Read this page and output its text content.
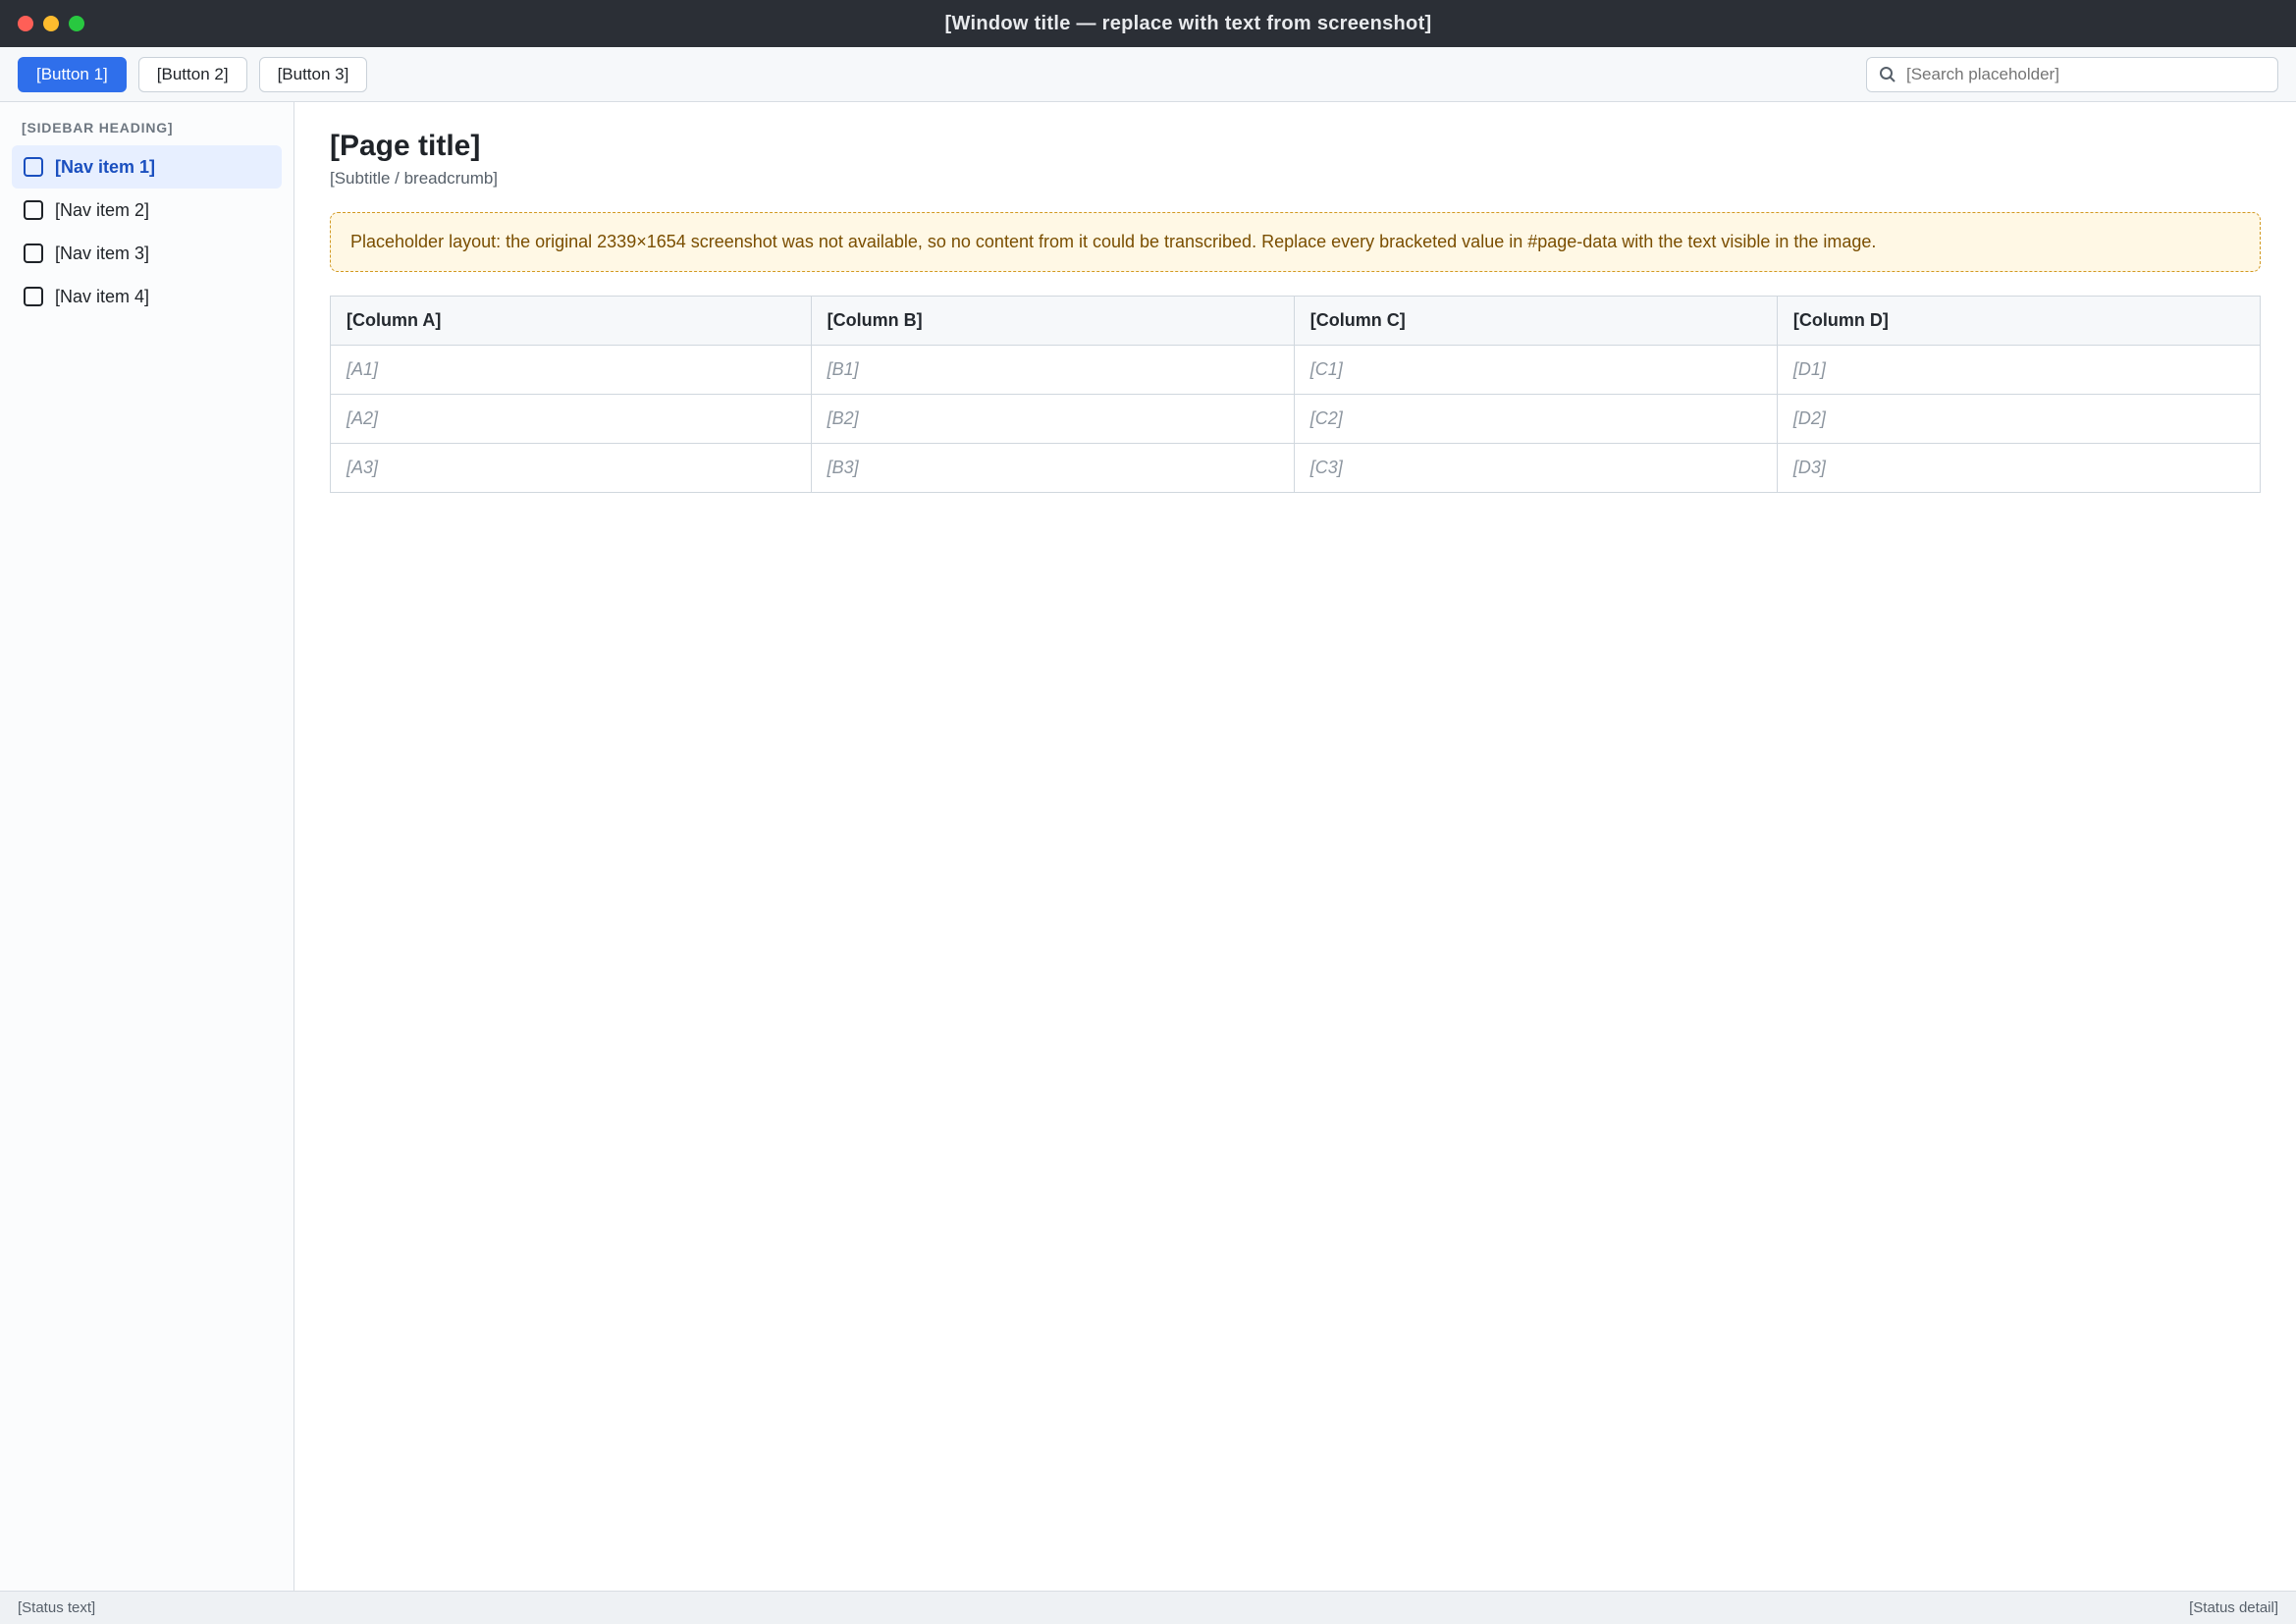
[Window title — replace with text from screenshot]
[Button 1]	[Button 2]	[Button 3]
[Search placeholder]
[SIDEBAR HEADING]
[Nav item 1]
[Nav item 2]
[Nav item 3]
[Nav item 4]
[Page title]

[Subtitle / breadcrumb]

Placeholder layout: the original 2339×1654 screenshot was not available, so no content from it could be transcribed. Replace every bracketed value in #page-data with the text visible in the image.
[Column A]	[Column B]	[Column C]	[Column D]
[A1]	[B1]	[C1]	[D1]
[A2]	[B2]	[C2]	[D2]
[A3]	[B3]	[C3]	[D3]
[Status text]	[Status detail]
